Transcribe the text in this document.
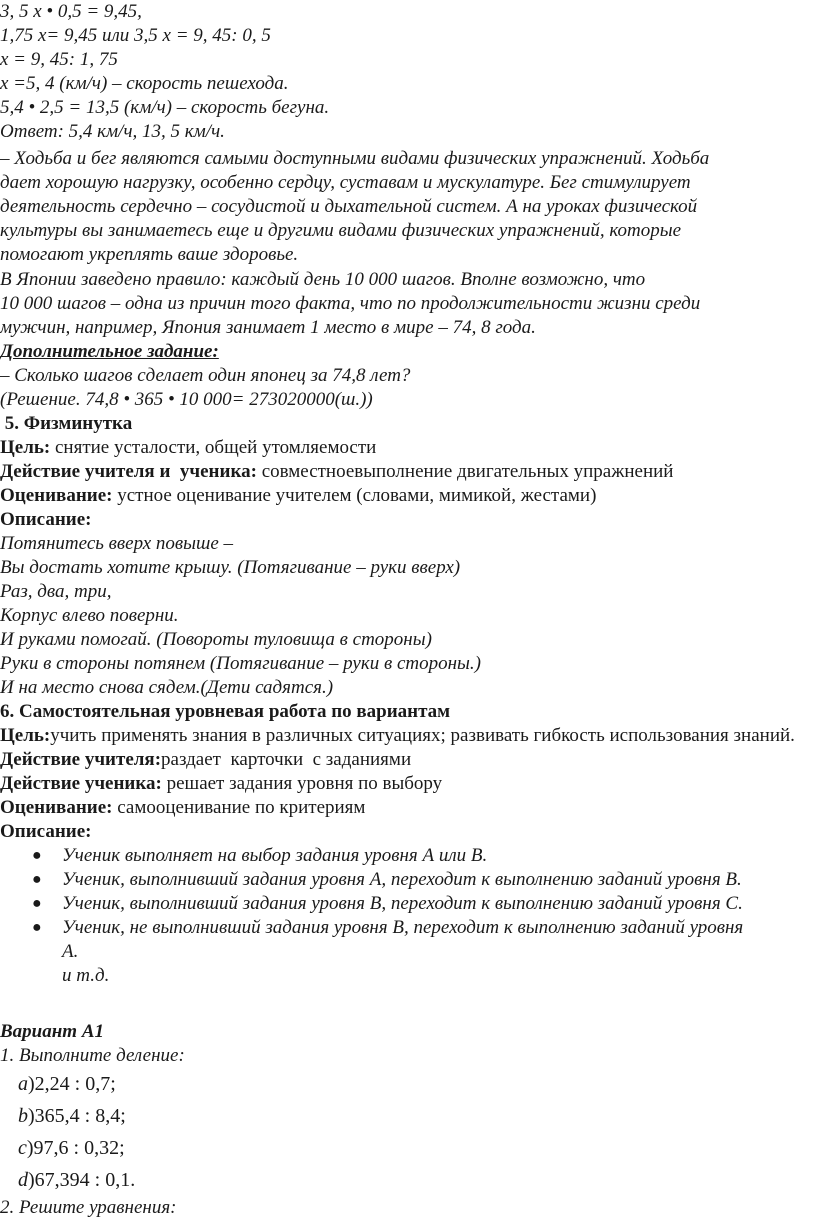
3, 5 х • 0,5 = 9,45,

1,75 х= 9,45 или 3,5 х = 9, 45: 0, 5

х = 9, 45: 1, 75

х =5, 4 (км/ч) – скорость пешехода.

5,4 • 2,5 = 13,5 (км/ч) – скорость бегуна.

Ответ: 5,4 км/ч, 13, 5 км/ч.

– Ходьба и бег являются самыми доступными видами физических упражнений. Ходьба

дает хорошую нагрузку, особенно сердцу, суставам и мускулатуре. Бег стимулирует

деятельность сердечно – сосудистой и дыхательной систем. А на уроках физической

культуры вы занимаетесь еще и другими видами физических упражнений, которые

помогают укреплять ваше здоровье.

В Японии заведено правило: каждый день 10 000 шагов. Вполне возможно, что

10 000 шагов – одна из причин того факта, что по продолжительности жизни среди

мужчин, например, Япония занимает 1 место в мире – 74, 8 года.

Дополнительное задание:

– Сколько шагов сделает один японец за 74,8 лет?

(Решение. 74,8 • 365 • 10 000= 273020000(ш.))

5. Физминутка

Цель: снятие усталости, общей утомляемости

Действие учителя и  ученика: совместноевыполнение двигательных упражнений

Оценивание: устное оценивание учителем (словами, мимикой, жестами)

Описание:

Потянитесь вверх повыше –

Вы достать хотите крышу. (Потягивание – руки вверх)

Раз, два, три,

Корпус влево поверни.

И руками помогай. (Повороты туловища в стороны)

Руки в стороны потянем (Потягивание – руки в стороны.)

И на место снова сядем.(Дети садятся.)

6. Самостоятельная уровневая работа по вариантам

Цель:учить применять знания в различных ситуациях; развивать гибкость использования знаний.

Действие учителя:раздает  карточки  с заданиями

Действие ученика: решает задания уровня по выбору

Оценивание: самооценивание по критериям

Описание:

● Ученик выполняет на выбор задания уровня А или В.
● Ученик, выполнивший задания уровня А, переходит к выполнению заданий уровня В.
● Ученик, выполнивший задания уровня В, переходит к выполнению заданий уровня С.
● Ученик, не выполнивший задания уровня В, переходит к выполнению заданий уровня А.
и т.д.

Вариант А1

1. Выполните деление:

a)2,24 : 0,7;

b)365,4 : 8,4;

c)97,6 : 0,32;

d)67,394 : 0,1.

2. Решите уравнения:
